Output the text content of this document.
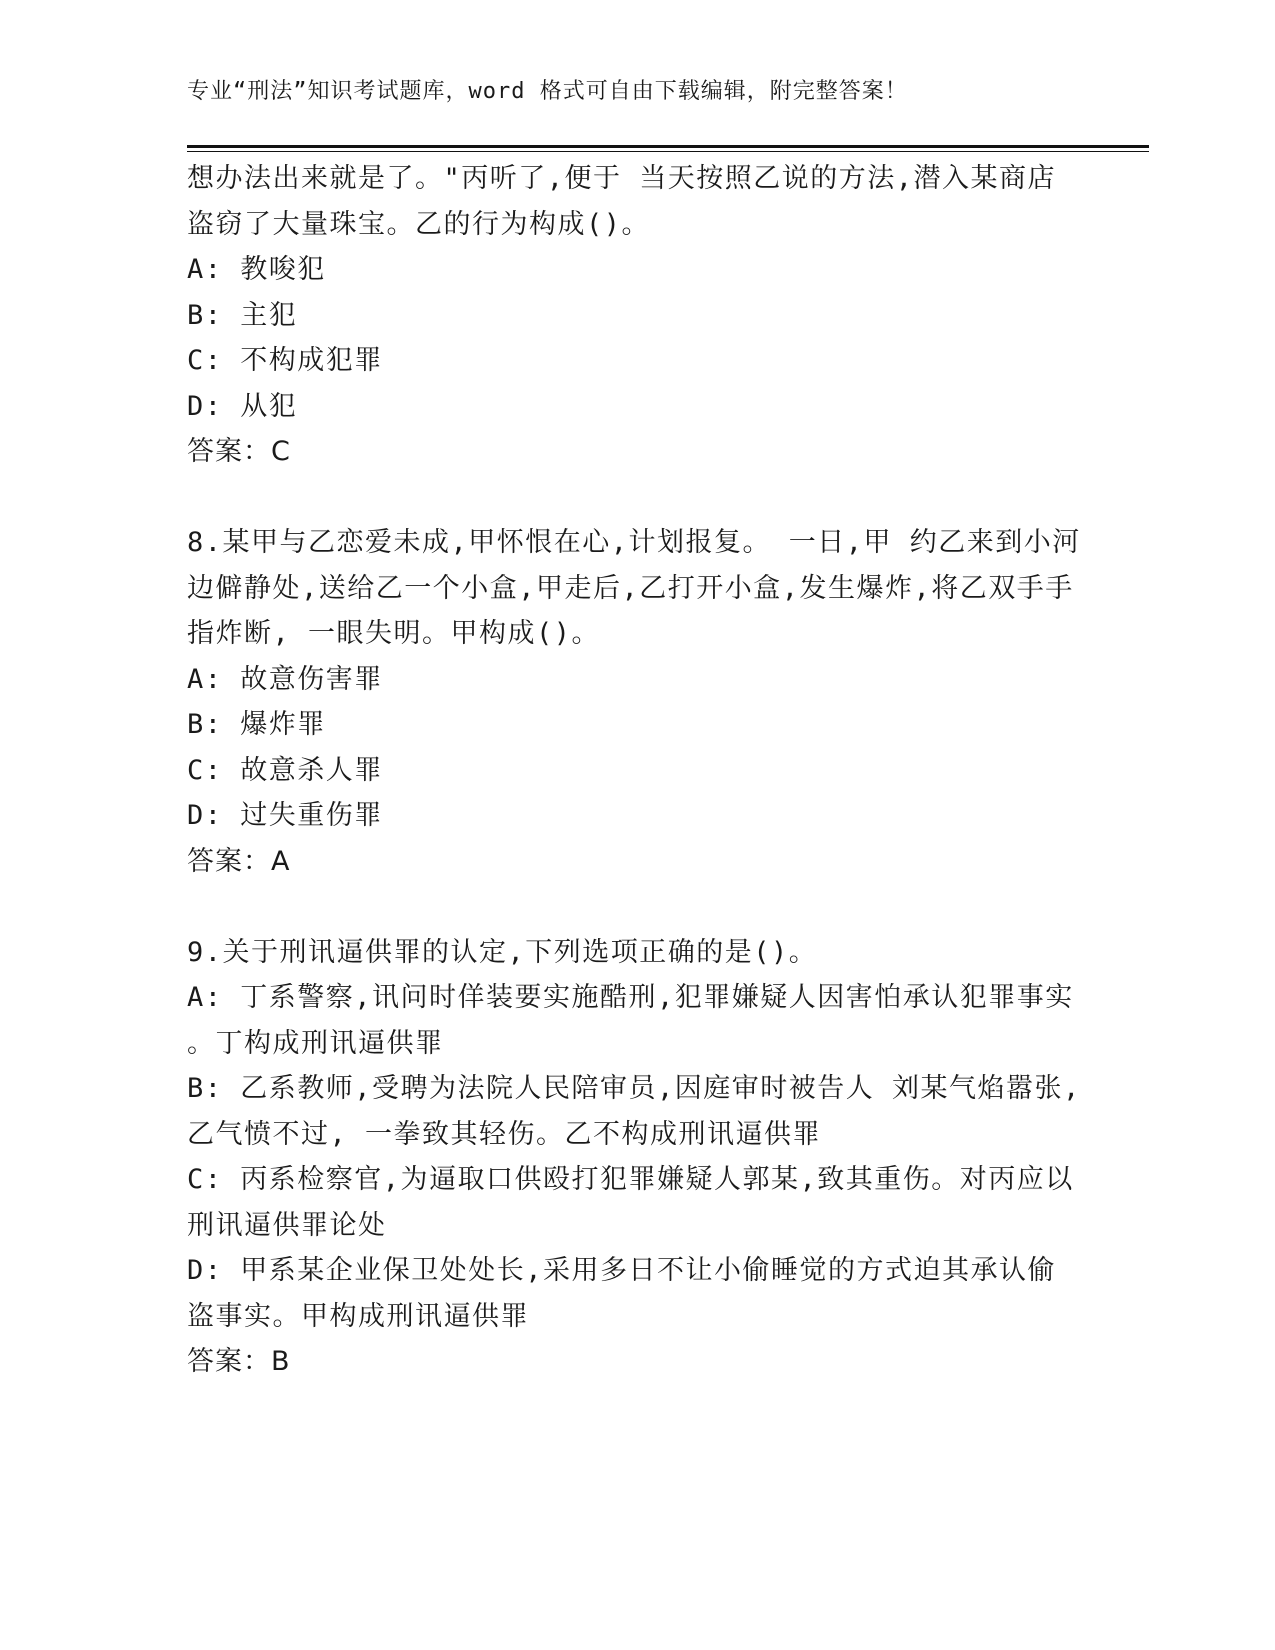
专业“刑法”知识考试题库，word 格式可自由下载编辑，附完整答案！
想办法出来就是了。"丙听了,便于 当天按照乙说的方法,潜入某商店
盗窃了大量珠宝。乙的行为构成()。
A: 教唆犯
B: 主犯
C: 不构成犯罪
D: 从犯
答案：C
8.某甲与乙恋爱未成,甲怀恨在心,计划报复。 一日,甲 约乙来到小河
边僻静处,送给乙一个小盒,甲走后,乙打开小盒,发生爆炸,将乙双手手
指炸断, 一眼失明。甲构成()。
A: 故意伤害罪
B: 爆炸罪
C: 故意杀人罪
D: 过失重伤罪
答案：A
9.关于刑讯逼供罪的认定,下列选项正确的是()。
A: 丁系警察,讯问时佯装要实施酷刑,犯罪嫌疑人因害怕承认犯罪事实
。丁构成刑讯逼供罪
B: 乙系教师,受聘为法院人民陪审员,因庭审时被告人 刘某气焰嚣张,
乙气愤不过, 一拳致其轻伤。乙不构成刑讯逼供罪
C: 丙系检察官,为逼取口供殴打犯罪嫌疑人郭某,致其重伤。对丙应以
刑讯逼供罪论处
D: 甲系某企业保卫处处长,采用多日不让小偷睡觉的方式迫其承认偷
盗事实。甲构成刑讯逼供罪
答案：B
